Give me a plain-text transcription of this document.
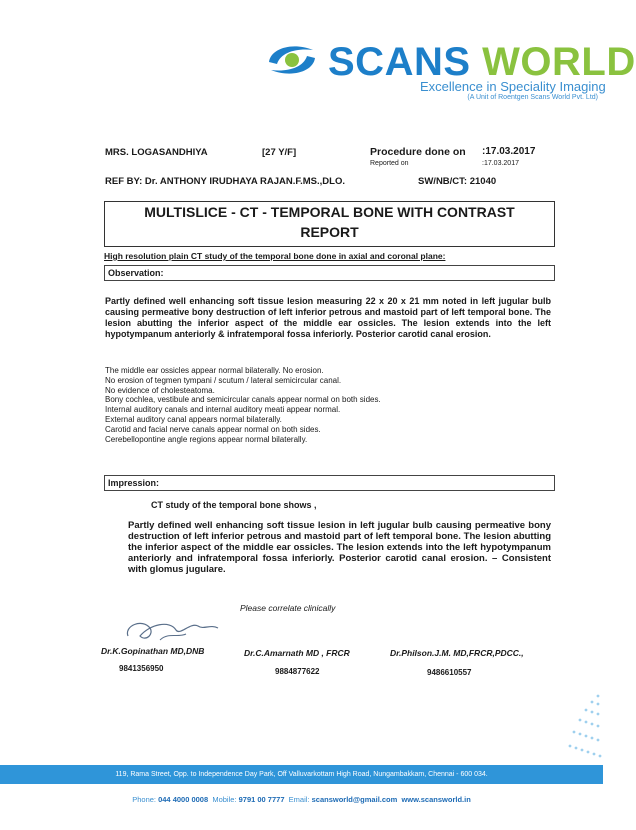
SCANS WORLD
Excellence in Speciality Imaging
(A Unit of Roentgen Scans World Pvt. Ltd)
MRS. LOGASANDHIYA	[27 Y/F]	Procedure done on :17.03.2017
Reported on	:17.03.2017
REF BY: Dr. ANTHONY IRUDHAYA RAJAN.F.MS.,DLO.	SW/NB/CT: 21040
MULTISLICE - CT - TEMPORAL BONE WITH CONTRAST
REPORT
High resolution plain CT study of the temporal bone done in axial and coronal plane:
Observation:
Partly defined well enhancing soft tissue lesion measuring 22 x 20 x 21 mm noted in left jugular bulb causing permeative bony destruction of left inferior petrous and mastoid part of left temporal bone. The lesion abutting the inferior aspect of the middle ear ossicles. The lesion extends into the left hypotympanum anteriorly & infratemporal fossa inferiorly. Posterior carotid canal erosion.
The middle ear ossicles appear normal bilaterally. No erosion.
No erosion of tegmen tympani / scutum / lateral semicircular canal.
No evidence of cholesteatoma.
Bony cochlea, vestibule and semicircular canals appear normal on both sides.
Internal auditory canals and internal auditory meati appear normal.
External auditory canal appears normal bilaterally.
Carotid and facial nerve canals appear normal on both sides.
Cerebellopontine angle regions appear normal bilaterally.
Impression:
CT study of the temporal bone shows ,
Partly defined well enhancing soft tissue lesion in left jugular bulb causing permeative bony destruction of left inferior petrous and mastoid part of left temporal bone. The lesion abutting the inferior aspect of the middle ear ossicles. The lesion extends into the left hypotympanum anteriorly and infratemporal fossa inferiorly. Posterior carotid canal erosion. – Consistent with glomus jugulare.
Please correlate clinically
Dr.K.Gopinathan MD,DNB
9841356950
Dr.C.Amarnath MD , FRCR
9884877622
Dr.Philson.J.M. MD,FRCR,PDCC.,
9486610557
119, Rama Street, Opp. to Independence Day Park, Off Valluvarkottam High Road, Nungambakkam, Chennai - 600 034.
Phone: 044 4000 0008 Mobile: 9791 00 7777 Email: scansworld@gmail.com www.scansworld.in
